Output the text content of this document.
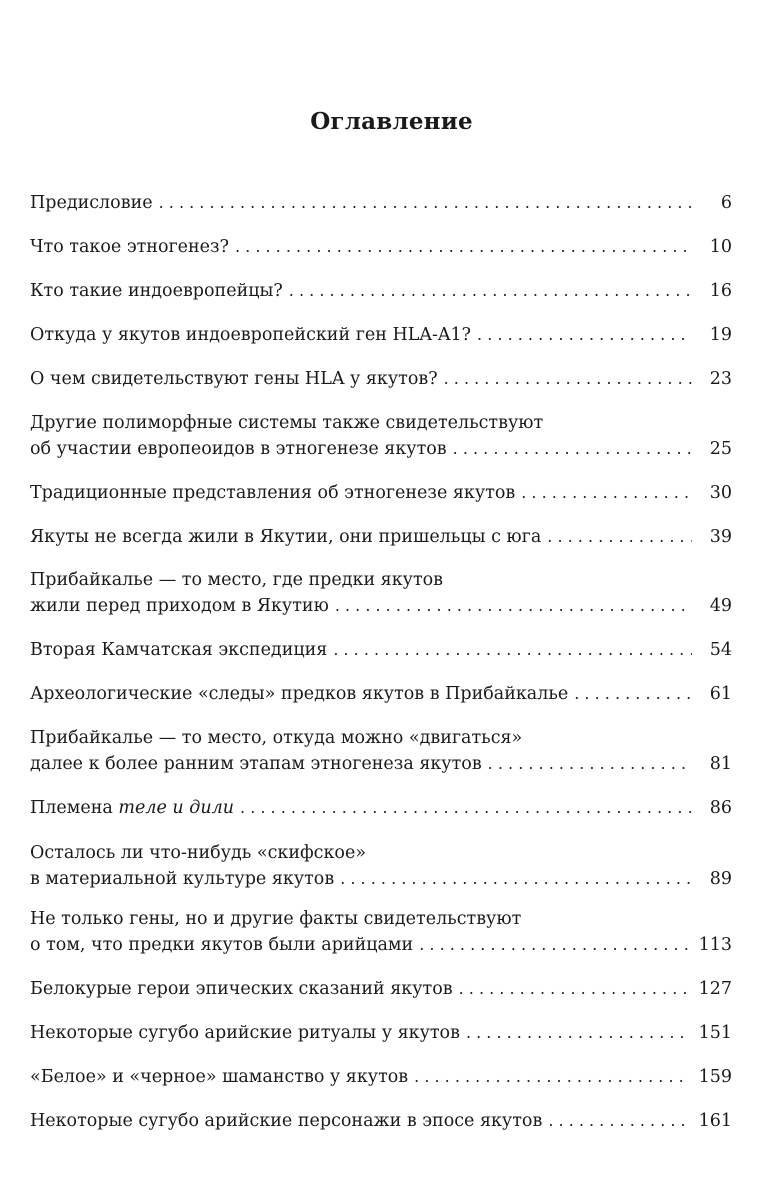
Оглавление
Предисловие . . .	6
Что такое этногенез? . . .	10
Кто такие индоевропейцы? . . .	16
Откуда у якутов индоевропейский ген HLA-A1? . . .	19
О чем свидетельствуют гены HLA у якутов? . . .	23
Другие полиморфные системы также свидетельствуют
об участии европеоидов в этногенезе якутов . . .	25
Традиционные представления об этногенезе якутов . . .	30
Якуты не всегда жили в Якутии, они пришельцы с юга . . .	39
Прибайкалье — то место, где предки якутов
жили перед приходом в Якутию . . .	49
Вторая Камчатская экспедиция . . .	54
Археологические «следы» предков якутов в Прибайкалье . . .	61
Прибайкалье — то место, откуда можно «двигаться»
далее к более ранним этапам этногенеза якутов . . .	81
Племена теле и дили . . .	86
Осталось ли что-нибудь «скифское»
в материальной культуре якутов . . .	89
Не только гены, но и другие факты свидетельствуют
о том, что предки якутов были арийцами . . .	113
Белокурые герои эпических сказаний якутов . . .	127
Некоторые сугубо арийские ритуалы у якутов . . .	151
«Белое» и «черное» шаманство у якутов . . .	159
Некоторые сугубо арийские персонажи в эпосе якутов . . .	161
